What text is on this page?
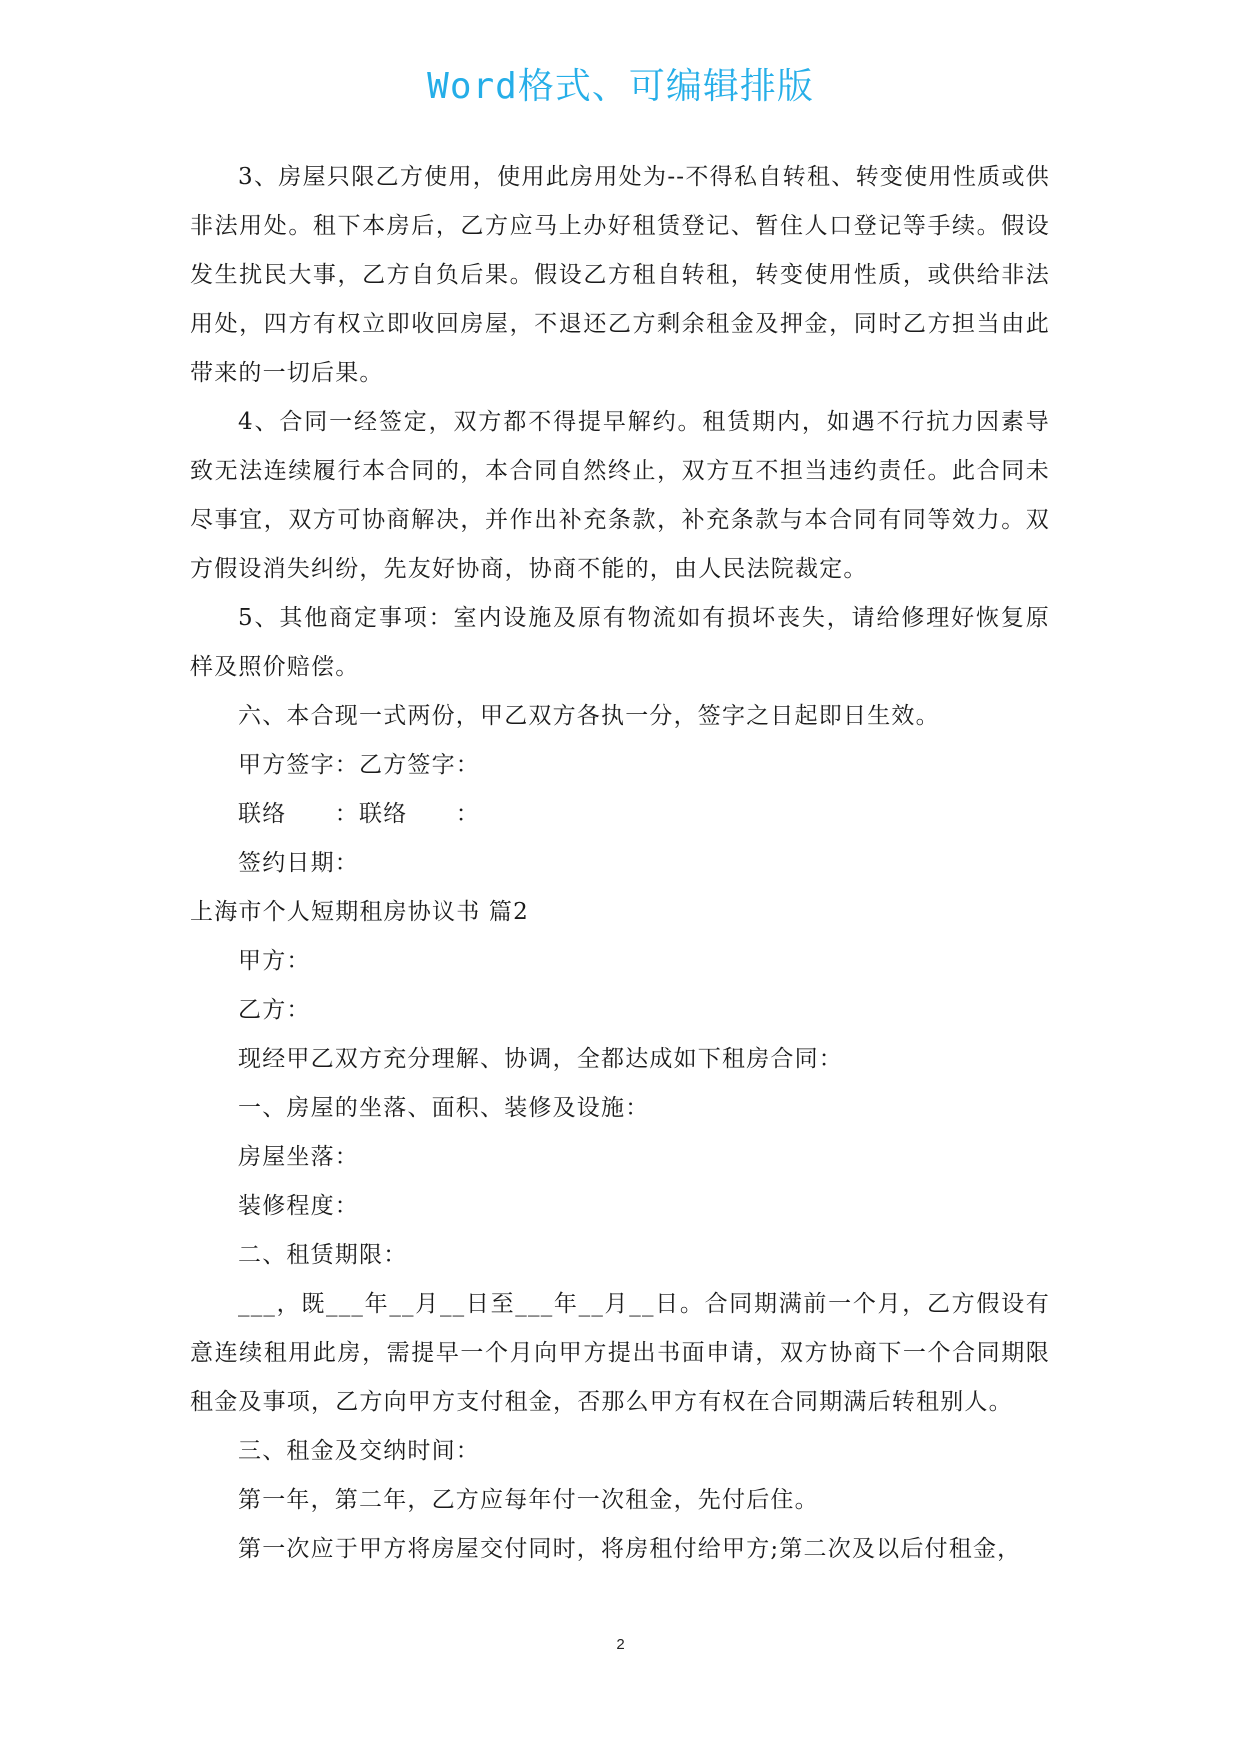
Word格式、可编辑排版

3、房屋只限乙方使用，使用此房用处为--不得私自转租、转变使用性质或供非法用处。租下本房后，乙方应马上办好租赁登记、暂住人口登记等手续。假设发生扰民大事，乙方自负后果。假设乙方租自转租，转变使用性质，或供给非法用处，四方有权立即收回房屋，不退还乙方剩余租金及押金，同时乙方担当由此带来的一切后果。

4、合同一经签定，双方都不得提早解约。租赁期内，如遇不行抗力因素导致无法连续履行本合同的，本合同自然终止，双方互不担当违约责任。此合同未尽事宜，双方可协商解决，并作出补充条款，补充条款与本合同有同等效力。双方假设消失纠纷，先友好协商，协商不能的，由人民法院裁定。

5、其他商定事项：室内设施及原有物流如有损坏丧失，请给修理好恢复原样及照价赔偿。

六、本合现一式两份，甲乙双方各执一分，签字之日起即日生效。

甲方签字：乙方签字：

联络　　：联络　　：

签约日期：

上海市个人短期租房协议书 篇2

甲方：

乙方：

现经甲乙双方充分理解、协调，全都达成如下租房合同：

一、房屋的坐落、面积、装修及设施：

房屋坐落：

装修程度：

二、租赁期限：

___，既___年__月__日至___年__月__日。合同期满前一个月，乙方假设有意连续租用此房，需提早一个月向甲方提出书面申请，双方协商下一个合同期限租金及事项，乙方向甲方支付租金，否那么甲方有权在合同期满后转租别人。

三、租金及交纳时间：

第一年，第二年，乙方应每年付一次租金，先付后住。

第一次应于甲方将房屋交付同时，将房租付给甲方;第二次及以后付租金，

2
